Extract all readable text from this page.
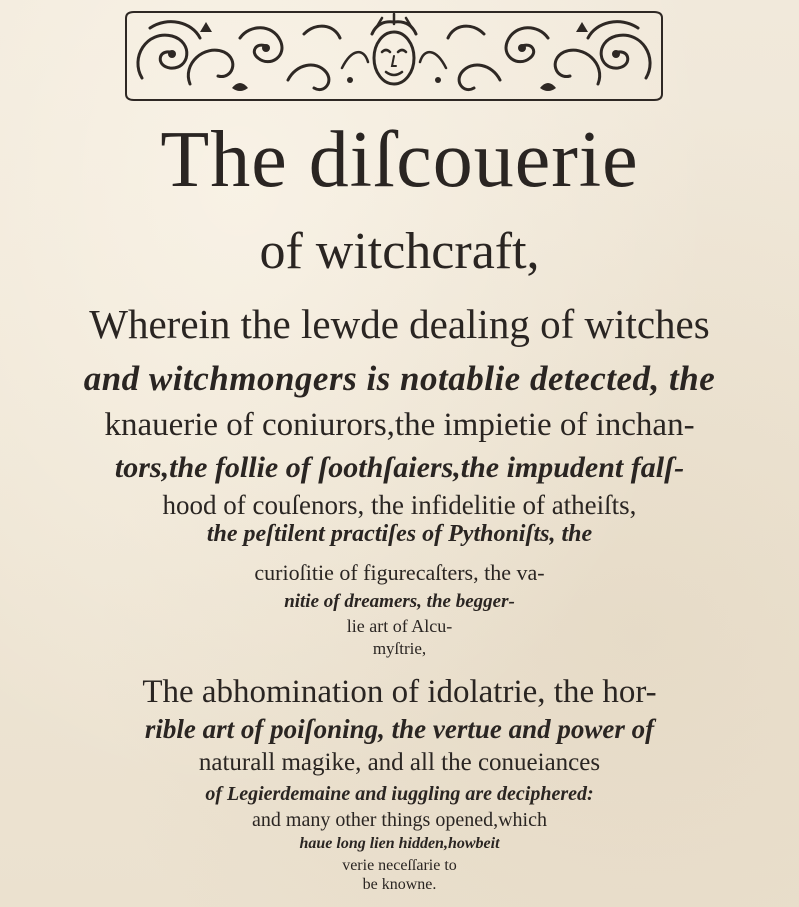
The diſcouerie
of witchcraft,
Wherein the lewde dealing of witches
and witchmongers is notablie detected, the
knauerie of coniurors,the impietie of inchan-
tors,the follie of ſoothſaiers,the impudent falſ-
hood of couſenors, the infidelitie of atheiſts,
the peſtilent practiſes of Pythoniſts, the
curioſitie of figurecaſters, the va-
nitie of dreamers, the begger-
lie art of Alcu-
myſtrie,
The abhomination of idolatrie, the hor-
rible art of poiſoning, the vertue and power of
naturall magike, and all the conueiances
of Legierdemaine and iuggling are deciphered:
and many other things opened,which
haue long lien hidden,howbeit
verie neceſſarie to
be knowne.
